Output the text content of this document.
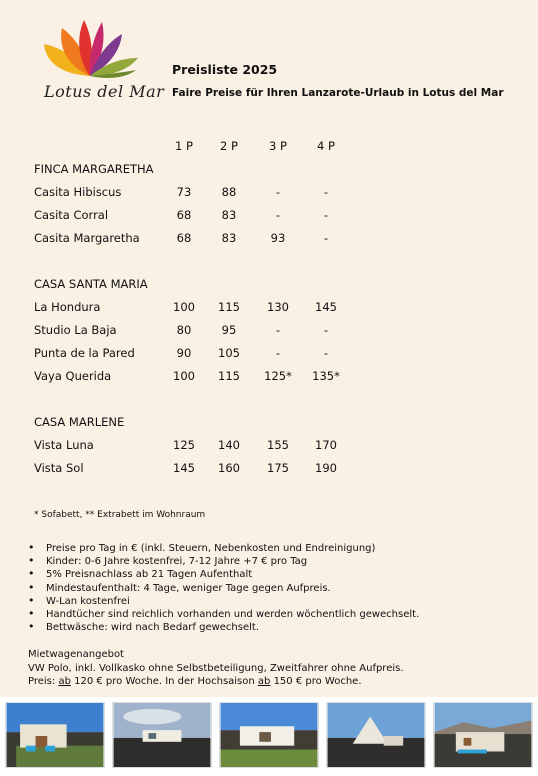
Lotus del Mar
Preisliste 2025
Faire Preise für Ihren Lanzarote-Urlaub in Lotus del Mar
1 P	2 P	3 P	4 P
FINCA MARGARETHA
Casita Hibiscus	73	88	-	-
Casita Corral	68	83	-	-
Casita Margaretha	68	83	93	-
CASA SANTA MARIA
La Hondura	100	115	130	145
Studio La Baja	80	95	-	-
Punta de la Pared	90	105	-	-
Vaya Querida	100	115	125*	135*
CASA MARLENE
Vista Luna	125	140	155	170
Vista Sol	145	160	175	190
* Sofabett, ** Extrabett im Wohnraum
• Preise pro Tag in € (inkl. Steuern, Nebenkosten und Endreinigung)
• Kinder: 0-6 Jahre kostenfrei, 7-12 Jahre +7 € pro Tag
• 5% Preisnachlass ab 21 Tagen Aufenthalt
• Mindestaufenthalt: 4 Tage, weniger Tage gegen Aufpreis.
• W-Lan kostenfrei
• Handtücher sind reichlich vorhanden und werden wöchentlich gewechselt.
• Bettwäsche: wird nach Bedarf gewechselt.
Mietwagenangebot
VW Polo, inkl. Vollkasko ohne Selbstbeteiligung, Zweitfahrer ohne Aufpreis.
Preis: ab 120 € pro Woche. In der Hochsaison ab 150 € pro Woche.
